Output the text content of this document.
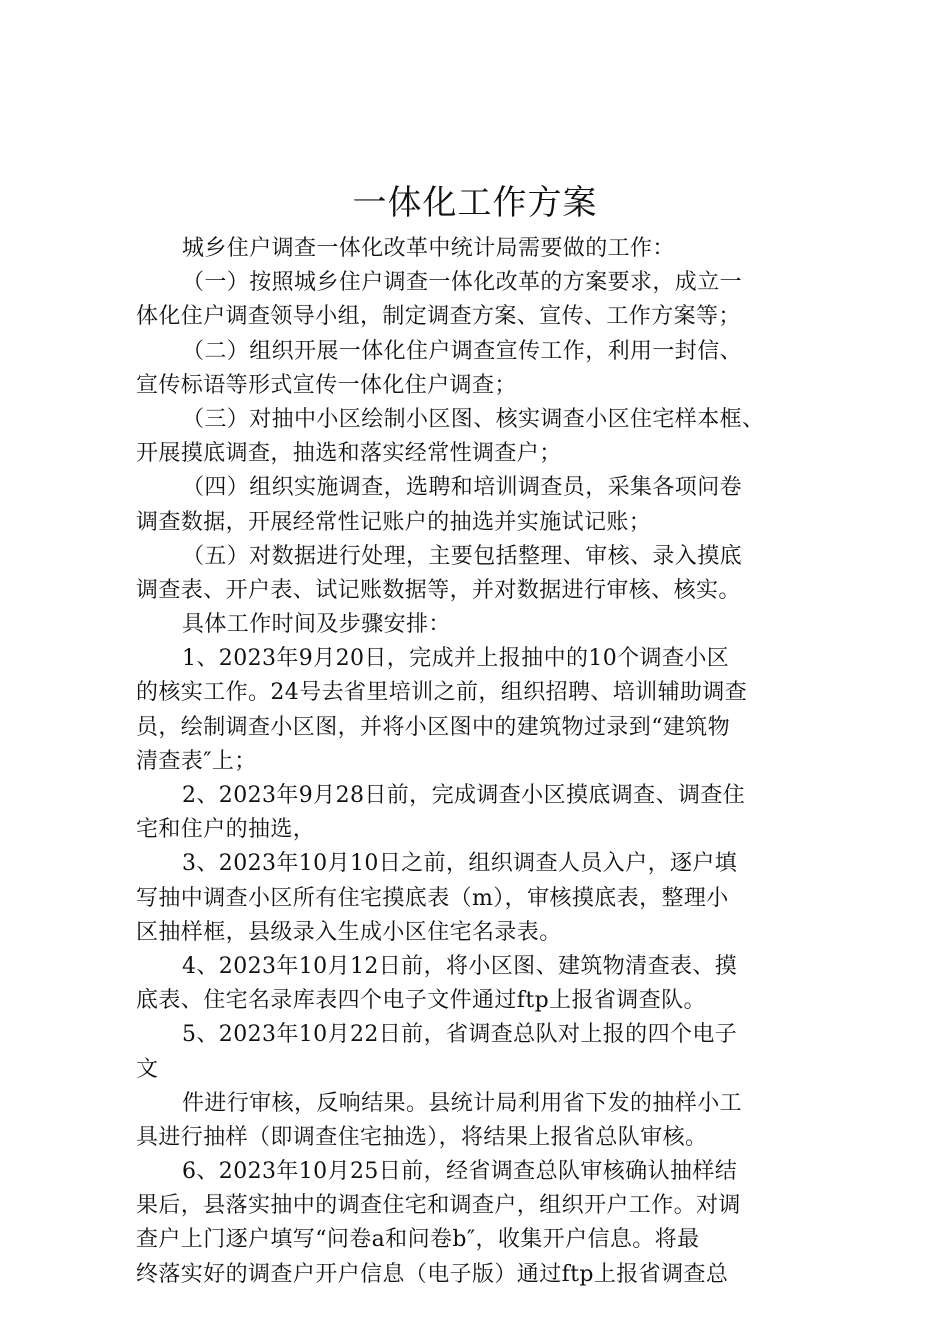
一体化工作方案
城乡住户调查一体化改革中统计局需要做的工作：
（一）按照城乡住户调查一体化改革的方案要求，成立一
体化住户调查领导小组，制定调查方案、宣传、工作方案等；
（二）组织开展一体化住户调查宣传工作，利用一封信、
宣传标语等形式宣传一体化住户调查；
（三）对抽中小区绘制小区图、核实调查小区住宅样本框、
开展摸底调查，抽选和落实经常性调查户；
（四）组织实施调查，选聘和培训调查员，采集各项问卷
调查数据，开展经常性记账户的抽选并实施试记账；
（五）对数据进行处理，主要包括整理、审核、录入摸底
调查表、开户表、试记账数据等，并对数据进行审核、核实。
具体工作时间及步骤安排：
1、2023年9月20日，完成并上报抽中的10个调查小区
的核实工作。24号去省里培训之前，组织招聘、培训辅助调查
员，绘制调查小区图，并将小区图中的建筑物过录到“建筑物
清查表″上；
2、2023年9月28日前，完成调查小区摸底调查、调查住
宅和住户的抽选，
3、2023年10月10日之前，组织调查人员入户，逐户填
写抽中调查小区所有住宅摸底表（m），审核摸底表，整理小
区抽样框，县级录入生成小区住宅名录表。
4、2023年10月12日前，将小区图、建筑物清查表、摸
底表、住宅名录库表四个电子文件通过ftp上报省调查队。
5、2023年10月22日前，省调查总队对上报的四个电子
文
件进行审核，反响结果。县统计局利用省下发的抽样小工
具进行抽样（即调查住宅抽选），将结果上报省总队审核。
6、2023年10月25日前，经省调查总队审核确认抽样结
果后，县落实抽中的调查住宅和调查户，组织开户工作。对调
查户上门逐户填写“问卷a和问卷b″，收集开户信息。将最
终落实好的调查户开户信息（电子版）通过ftp上报省调查总
